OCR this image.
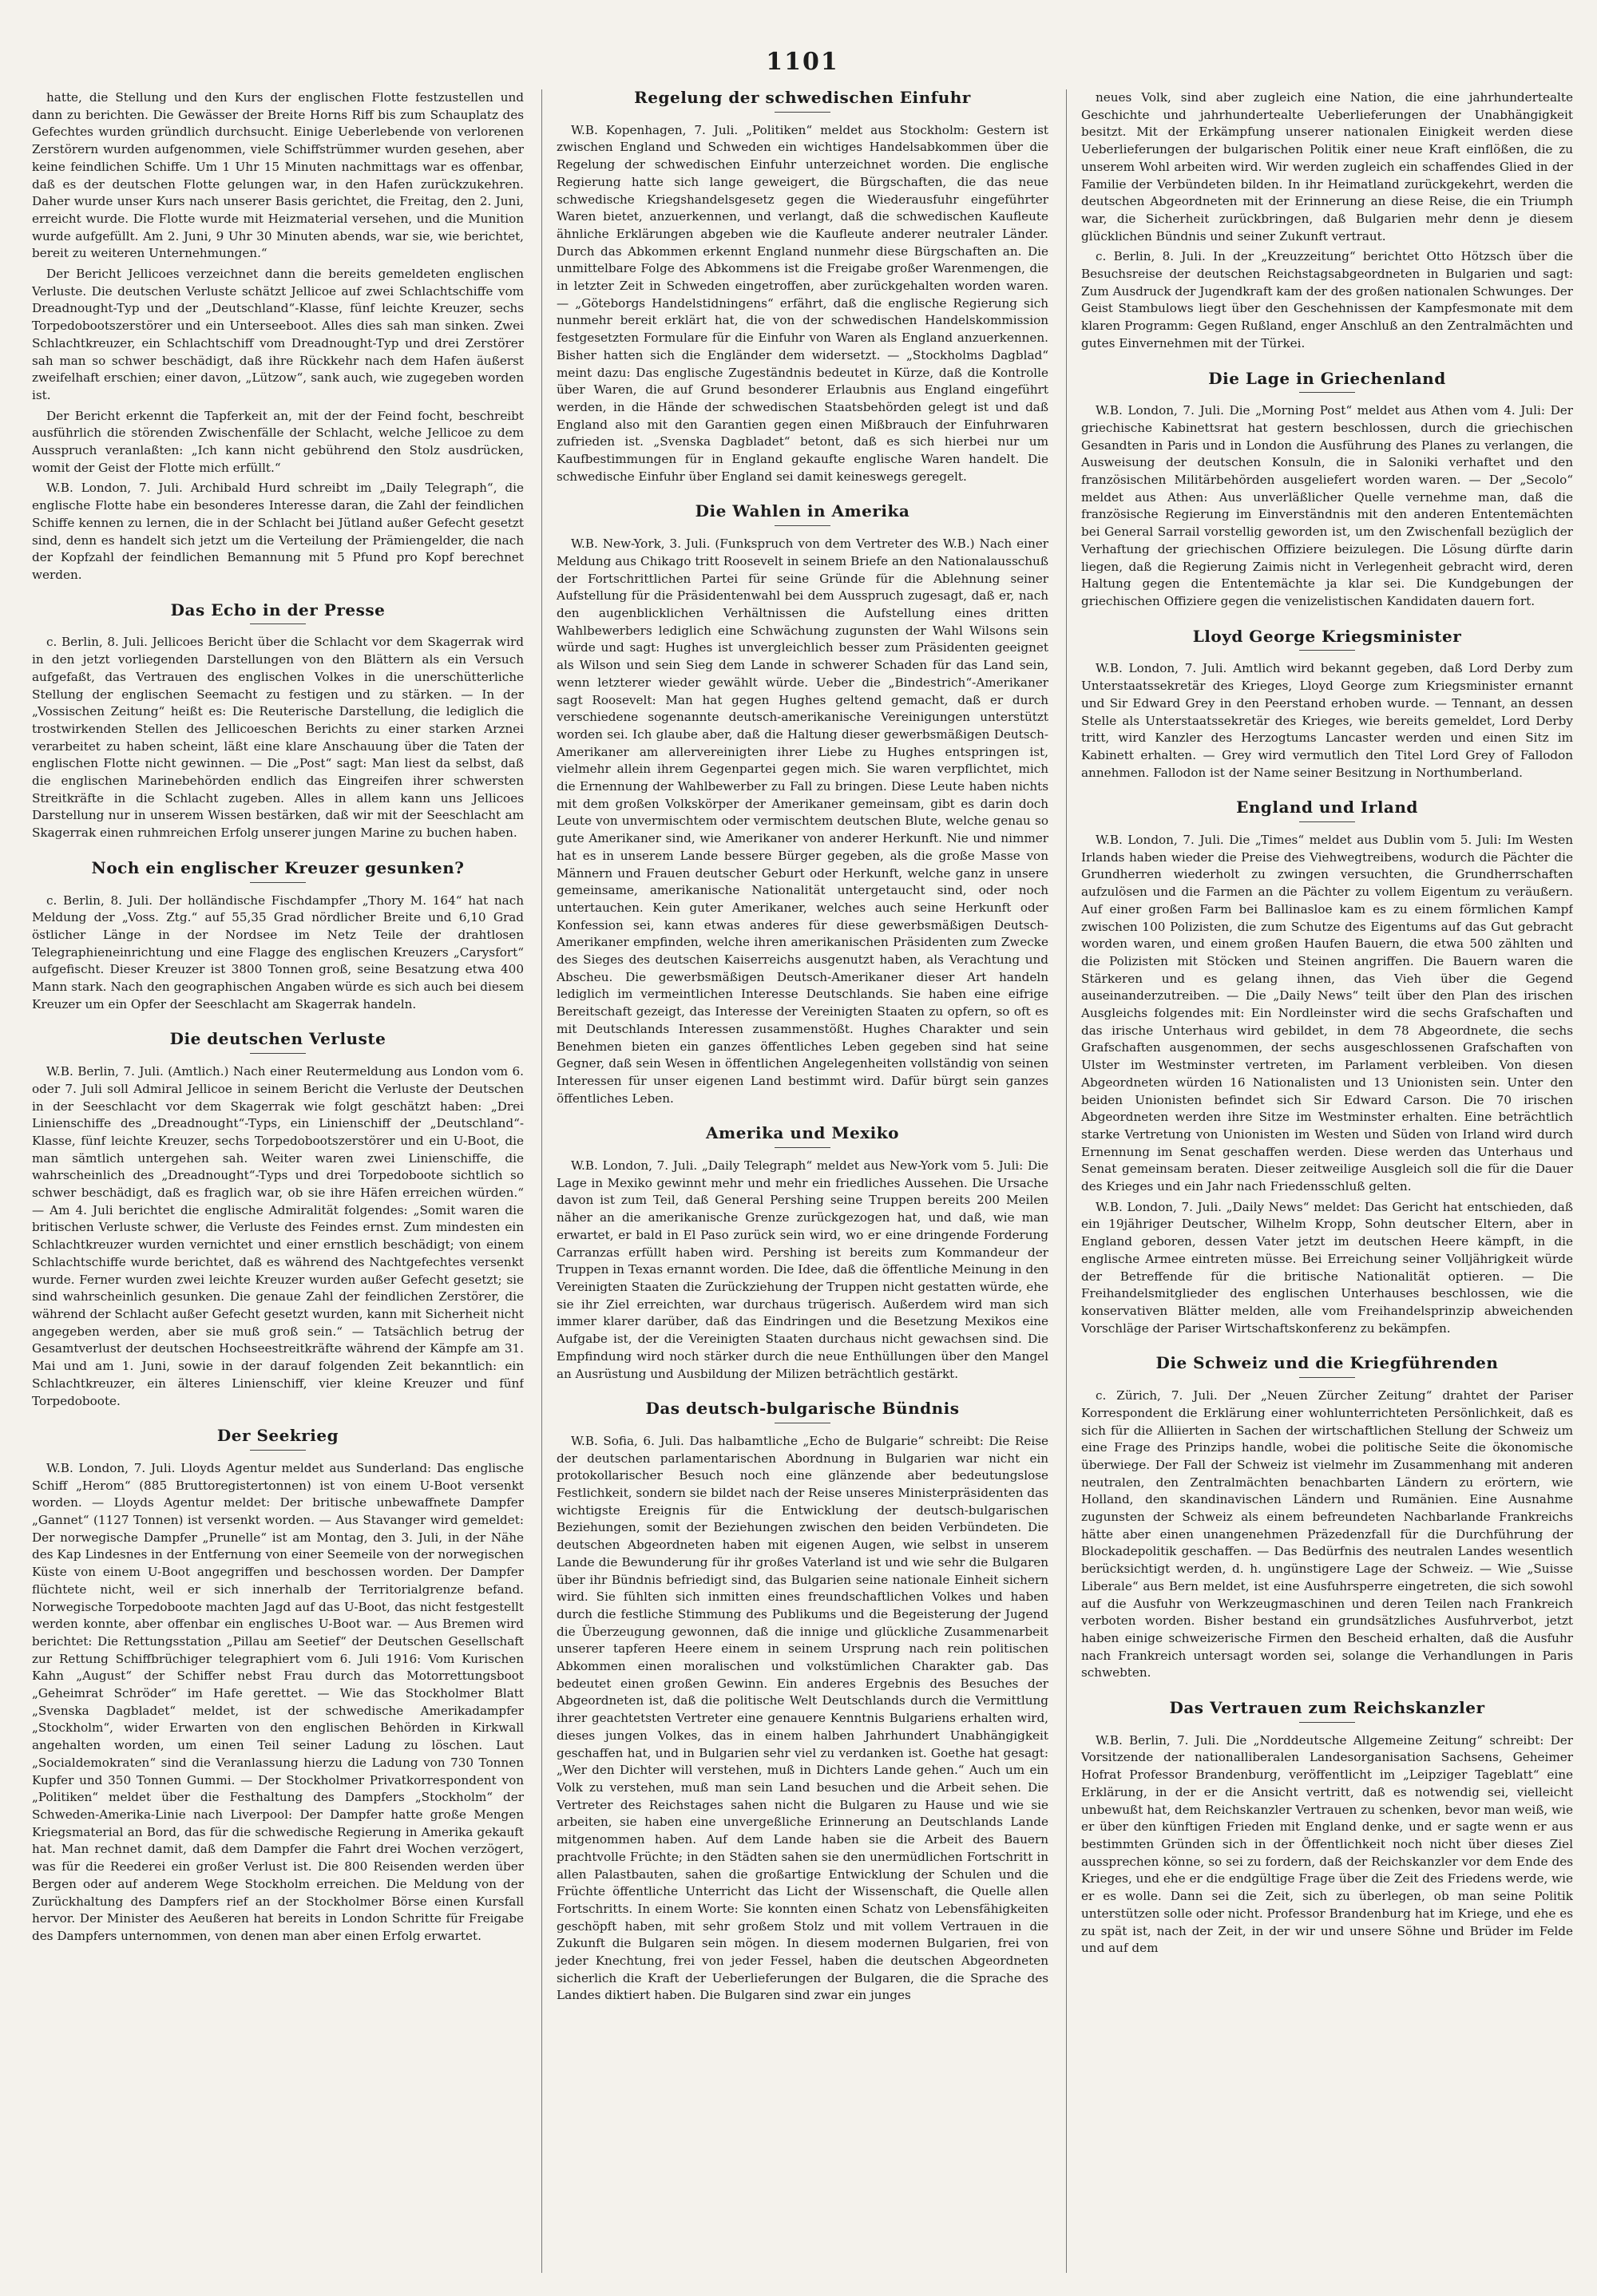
1101

hatte, die Stellung und den Kurs der englischen Flotte festzustellen und dann zu berichten. Die Gewässer der Breite Horns Riff bis zum Schauplatz des Gefechtes wurden gründlich durchsucht. Einige Ueberlebende von verlorenen Zerstörern wurden aufgenommen, viele Schiffstrümmer wurden gesehen, aber keine feindlichen Schiffe. Um 1 Uhr 15 Minuten nachmittags war es offenbar, daß es der deutschen Flotte gelungen war, in den Hafen zurückzukehren. Daher wurde unser Kurs nach unserer Basis gerichtet, die Freitag, den 2. Juni, erreicht wurde. Die Flotte wurde mit Heizmaterial versehen, und die Munition wurde aufgefüllt. Am 2. Juni, 9 Uhr 30 Minuten abends, war sie, wie berichtet, bereit zu weiteren Unternehmungen.“

Der Bericht Jellicoes verzeichnet dann die bereits gemeldeten englischen Verluste. Die deutschen Verluste schätzt Jellicoe auf zwei Schlachtschiffe vom Dreadnought-Typ und der „Deutschland“-Klasse, fünf leichte Kreuzer, sechs Torpedobootszerstörer und ein Unterseeboot. Alles dies sah man sinken. Zwei Schlachtkreuzer, ein Schlachtschiff vom Dreadnought-Typ und drei Zerstörer sah man so schwer beschädigt, daß ihre Rückkehr nach dem Hafen äußerst zweifelhaft erschien; einer davon, „Lützow“, sank auch, wie zugegeben worden ist.

Der Bericht erkennt die Tapferkeit an, mit der der Feind focht, beschreibt ausführlich die störenden Zwischenfälle der Schlacht, welche Jellicoe zu dem Ausspruch veranlaßten: „Ich kann nicht gebührend den Stolz ausdrücken, womit der Geist der Flotte mich erfüllt.“

W.B. London, 7. Juli. Archibald Hurd schreibt im „Daily Telegraph“, die englische Flotte habe ein besonderes Interesse daran, die Zahl der feindlichen Schiffe kennen zu lernen, die in der Schlacht bei Jütland außer Gefecht gesetzt sind, denn es handelt sich jetzt um die Verteilung der Prämiengelder, die nach der Kopfzahl der feindlichen Bemannung mit 5 Pfund pro Kopf berechnet werden.

Das Echo in der Presse

c. Berlin, 8. Juli. Jellicoes Bericht über die Schlacht vor dem Skagerrak wird in den jetzt vorliegenden Darstellungen von den Blättern als ein Versuch aufgefaßt, das Vertrauen des englischen Volkes in die unerschütterliche Stellung der englischen Seemacht zu festigen und zu stärken. — In der „Vossischen Zeitung“ heißt es: Die Reuterische Darstellung, die lediglich die trostwirkenden Stellen des Jellicoeschen Berichts zu einer starken Arznei verarbeitet zu haben scheint, läßt eine klare Anschauung über die Taten der englischen Flotte nicht gewinnen. — Die „Post“ sagt: Man liest da selbst, daß die englischen Marinebehörden endlich das Eingreifen ihrer schwersten Streitkräfte in die Schlacht zugeben. Alles in allem kann uns Jellicoes Darstellung nur in unserem Wissen bestärken, daß wir mit der Seeschlacht am Skagerrak einen ruhmreichen Erfolg unserer jungen Marine zu buchen haben.

Noch ein englischer Kreuzer gesunken?

c. Berlin, 8. Juli. Der holländische Fischdampfer „Thory M. 164“ hat nach Meldung der „Voss. Ztg.“ auf 55,35 Grad nördlicher Breite und 6,10 Grad östlicher Länge in der Nordsee im Netz Teile der drahtlosen Telegraphieneinrichtung und eine Flagge des englischen Kreuzers „Carysfort“ aufgefischt. Dieser Kreuzer ist 3800 Tonnen groß, seine Besatzung etwa 400 Mann stark. Nach den geographischen Angaben würde es sich auch bei diesem Kreuzer um ein Opfer der Seeschlacht am Skagerrak handeln.

Die deutschen Verluste

W.B. Berlin, 7. Juli. (Amtlich.) Nach einer Reutermeldung aus London vom 6. oder 7. Juli soll Admiral Jellicoe in seinem Bericht die Verluste der Deutschen in der Seeschlacht vor dem Skagerrak wie folgt geschätzt haben: „Drei Linienschiffe des „Dreadnought“-Typs, ein Linienschiff der „Deutschland“-Klasse, fünf leichte Kreuzer, sechs Torpedobootszerstörer und ein U-Boot, die man sämtlich untergehen sah. Weiter waren zwei Linienschiffe, die wahrscheinlich des „Dreadnought“-Typs und drei Torpedoboote sichtlich so schwer beschädigt, daß es fraglich war, ob sie ihre Häfen erreichen würden.“ — Am 4. Juli berichtet die englische Admiralität folgendes: „Somit waren die britischen Verluste schwer, die Verluste des Feindes ernst. Zum mindesten ein Schlachtkreuzer wurden vernichtet und einer ernstlich beschädigt; von einem Schlachtschiffe wurde berichtet, daß es während des Nachtgefechtes versenkt wurde. Ferner wurden zwei leichte Kreuzer wurden außer Gefecht gesetzt; sie sind wahrscheinlich gesunken. Die genaue Zahl der feindlichen Zerstörer, die während der Schlacht außer Gefecht gesetzt wurden, kann mit Sicherheit nicht angegeben werden, aber sie muß groß sein.“ — Tatsächlich betrug der Gesamtverlust der deutschen Hochseestreitkräfte während der Kämpfe am 31. Mai und am 1. Juni, sowie in der darauf folgenden Zeit bekanntlich: ein Schlachtkreuzer, ein älteres Linienschiff, vier kleine Kreuzer und fünf Torpedoboote.

Der Seekrieg

W.B. London, 7. Juli. Lloyds Agentur meldet aus Sunderland: Das englische Schiff „Herom“ (885 Bruttoregistertonnen) ist von einem U-Boot versenkt worden. — Lloyds Agentur meldet: Der britische unbewaffnete Dampfer „Gannet“ (1127 Tonnen) ist versenkt worden. — Aus Stavanger wird gemeldet: Der norwegische Dampfer „Prunelle“ ist am Montag, den 3. Juli, in der Nähe des Kap Lindesnes in der Entfernung von einer Seemeile von der norwegischen Küste von einem U-Boot angegriffen und beschossen worden. Der Dampfer flüchtete nicht, weil er sich innerhalb der Territorialgrenze befand. Norwegische Torpedoboote machten Jagd auf das U-Boot, das nicht festgestellt werden konnte, aber offenbar ein englisches U-Boot war. — Aus Bremen wird berichtet: Die Rettungsstation „Pillau am Seetief“ der Deutschen Gesellschaft zur Rettung Schiffbrüchiger telegraphiert vom 6. Juli 1916: Vom Kurischen Kahn „August“ der Schiffer nebst Frau durch das Motorrettungsboot „Geheimrat Schröder“ im Hafe gerettet. — Wie das Stockholmer Blatt „Svenska Dagbladet“ meldet, ist der schwedische Amerikadampfer „Stockholm“, wider Erwarten von den englischen Behörden in Kirkwall angehalten worden, um einen Teil seiner Ladung zu löschen. Laut „Socialdemokraten“ sind die Veranlassung hierzu die Ladung von 730 Tonnen Kupfer und 350 Tonnen Gummi. — Der Stockholmer Privatkorrespondent von „Politiken“ meldet über die Festhaltung des Dampfers „Stockholm“ der Schweden-Amerika-Linie nach Liverpool: Der Dampfer hatte große Mengen Kriegsmaterial an Bord, das für die schwedische Regierung in Amerika gekauft hat. Man rechnet damit, daß dem Dampfer die Fahrt drei Wochen verzögert, was für die Reederei ein großer Verlust ist. Die 800 Reisenden werden über Bergen oder auf anderem Wege Stockholm erreichen. Die Meldung von der Zurückhaltung des Dampfers rief an der Stockholmer Börse einen Kursfall hervor. Der Minister des Aeußeren hat bereits in London Schritte für Freigabe des Dampfers unternommen, von denen man aber einen Erfolg erwartet.

Regelung der schwedischen Einfuhr

W.B. Kopenhagen, 7. Juli. „Politiken“ meldet aus Stockholm: Gestern ist zwischen England und Schweden ein wichtiges Handelsabkommen über die Regelung der schwedischen Einfuhr unterzeichnet worden. Die englische Regierung hatte sich lange geweigert, die Bürgschaften, die das neue schwedische Kriegshandelsgesetz gegen die Wiederausfuhr eingeführter Waren bietet, anzuerkennen, und verlangt, daß die schwedischen Kaufleute ähnliche Erklärungen abgeben wie die Kaufleute anderer neutraler Länder. Durch das Abkommen erkennt England nunmehr diese Bürgschaften an. Die unmittelbare Folge des Abkommens ist die Freigabe großer Warenmengen, die in letzter Zeit in Schweden eingetroffen, aber zurückgehalten worden waren. — „Göteborgs Handelstidningens“ erfährt, daß die englische Regierung sich nunmehr bereit erklärt hat, die von der schwedischen Handelskommission festgesetzten Formulare für die Einfuhr von Waren als England anzuerkennen. Bisher hatten sich die Engländer dem widersetzt. — „Stockholms Dagblad“ meint dazu: Das englische Zugeständnis bedeutet in Kürze, daß die Kontrolle über Waren, die auf Grund besonderer Erlaubnis aus England eingeführt werden, in die Hände der schwedischen Staatsbehörden gelegt ist und daß England also mit den Garantien gegen einen Mißbrauch der Einfuhrwaren zufrieden ist. „Svenska Dagbladet“ betont, daß es sich hierbei nur um Kaufbestimmungen für in England gekaufte englische Waren handelt. Die schwedische Einfuhr über England sei damit keineswegs geregelt.

Die Wahlen in Amerika

W.B. New-York, 3. Juli. (Funkspruch von dem Vertreter des W.B.) Nach einer Meldung aus Chikago tritt Roosevelt in seinem Briefe an den Nationalausschuß der Fortschrittlichen Partei für seine Gründe für die Ablehnung seiner Aufstellung für die Präsidentenwahl bei dem Ausspruch zugesagt, daß er, nach den augenblicklichen Verhältnissen die Aufstellung eines dritten Wahlbewerbers lediglich eine Schwächung zugunsten der Wahl Wilsons sein würde und sagt: Hughes ist unvergleichlich besser zum Präsidenten geeignet als Wilson und sein Sieg dem Lande in schwerer Schaden für das Land sein, wenn letzterer wieder gewählt würde. Ueber die „Bindestrich“-Amerikaner sagt Roosevelt: Man hat gegen Hughes geltend gemacht, daß er durch verschiedene sogenannte deutsch-amerikanische Vereinigungen unterstützt worden sei. Ich glaube aber, daß die Haltung dieser gewerbsmäßigen Deutsch-Amerikaner am allervereinigten ihrer Liebe zu Hughes entspringen ist, vielmehr allein ihrem Gegenpartei gegen mich. Sie waren verpflichtet, mich die Ernennung der Wahlbewerber zu Fall zu bringen. Diese Leute haben nichts mit dem großen Volkskörper der Amerikaner gemeinsam, gibt es darin doch Leute von unvermischtem oder vermischtem deutschen Blute, welche genau so gute Amerikaner sind, wie Amerikaner von anderer Herkunft. Nie und nimmer hat es in unserem Lande bessere Bürger gegeben, als die große Masse von Männern und Frauen deutscher Geburt oder Herkunft, welche ganz in unsere gemeinsame, amerikanische Nationalität untergetaucht sind, oder noch untertauchen. Kein guter Amerikaner, welches auch seine Herkunft oder Konfession sei, kann etwas anderes für diese gewerbsmäßigen Deutsch-Amerikaner empfinden, welche ihren amerikanischen Präsidenten zum Zwecke des Sieges des deutschen Kaiserreichs ausgenutzt haben, als Verachtung und Abscheu. Die gewerbsmäßigen Deutsch-Amerikaner dieser Art handeln lediglich im vermeintlichen Interesse Deutschlands. Sie haben eine eifrige Bereitschaft gezeigt, das Interesse der Vereinigten Staaten zu opfern, so oft es mit Deutschlands Interessen zusammenstößt. Hughes Charakter und sein Benehmen bieten ein ganzes öffentliches Leben gegeben sind hat seine Gegner, daß sein Wesen in öffentlichen Angelegenheiten vollständig von seinen Interessen für unser eigenen Land bestimmt wird. Dafür bürgt sein ganzes öffentliches Leben.

Amerika und Mexiko

W.B. London, 7. Juli. „Daily Telegraph“ meldet aus New-York vom 5. Juli: Die Lage in Mexiko gewinnt mehr und mehr ein friedliches Aussehen. Die Ursache davon ist zum Teil, daß General Pershing seine Truppen bereits 200 Meilen näher an die amerikanische Grenze zurückgezogen hat, und daß, wie man erwartet, er bald in El Paso zurück sein wird, wo er eine dringende Forderung Carranzas erfüllt haben wird. Pershing ist bereits zum Kommandeur der Truppen in Texas ernannt worden. Die Idee, daß die öffentliche Meinung in den Vereinigten Staaten die Zurückziehung der Truppen nicht gestatten würde, ehe sie ihr Ziel erreichten, war durchaus trügerisch. Außerdem wird man sich immer klarer darüber, daß das Eindringen und die Besetzung Mexikos eine Aufgabe ist, der die Vereinigten Staaten durchaus nicht gewachsen sind. Die Empfindung wird noch stärker durch die neue Enthüllungen über den Mangel an Ausrüstung und Ausbildung der Milizen beträchtlich gestärkt.

Das deutsch-bulgarische Bündnis

W.B. Sofia, 6. Juli. Das halbamtliche „Echo de Bulgarie“ schreibt: Die Reise der deutschen parlamentarischen Abordnung in Bulgarien war nicht ein protokollarischer Besuch noch eine glänzende aber bedeutungslose Festlichkeit, sondern sie bildet nach der Reise unseres Ministerpräsidenten das wichtigste Ereignis für die Entwicklung der deutsch-bulgarischen Beziehungen, somit der Beziehungen zwischen den beiden Verbündeten. Die deutschen Abgeordneten haben mit eigenen Augen, wie selbst in unserem Lande die Bewunderung für ihr großes Vaterland ist und wie sehr die Bulgaren über ihr Bündnis befriedigt sind, das Bulgarien seine nationale Einheit sichern wird. Sie fühlten sich inmitten eines freundschaftlichen Volkes und haben durch die festliche Stimmung des Publikums und die Begeisterung der Jugend die Überzeugung gewonnen, daß die innige und glückliche Zusammenarbeit unserer tapferen Heere einem in seinem Ursprung nach rein politischen Abkommen einen moralischen und volkstümlichen Charakter gab. Das bedeutet einen großen Gewinn. Ein anderes Ergebnis des Besuches der Abgeordneten ist, daß die politische Welt Deutschlands durch die Vermittlung ihrer geachtetsten Vertreter eine genauere Kenntnis Bulgariens erhalten wird, dieses jungen Volkes, das in einem halben Jahrhundert Unabhängigkeit geschaffen hat, und in Bulgarien sehr viel zu verdanken ist. Goethe hat gesagt: „Wer den Dichter will verstehen, muß in Dichters Lande gehen.“ Auch um ein Volk zu verstehen, muß man sein Land besuchen und die Arbeit sehen. Die Vertreter des Reichstages sahen nicht die Bulgaren zu Hause und wie sie arbeiten, sie haben eine unvergeßliche Erinnerung an Deutschlands Lande mitgenommen haben. Auf dem Lande haben sie die Arbeit des Bauern prachtvolle Früchte; in den Städten sahen sie den unermüdlichen Fortschritt in allen Palastbauten, sahen die großartige Entwicklung der Schulen und die Früchte öffentliche Unterricht das Licht der Wissenschaft, die Quelle allen Fortschritts. In einem Worte: Sie konnten einen Schatz von Lebensfähigkeiten geschöpft haben, mit sehr großem Stolz und mit vollem Vertrauen in die Zukunft die Bulgaren sein mögen. In diesem modernen Bulgarien, frei von jeder Knechtung, frei von jeder Fessel, haben die deutschen Abgeordneten sicherlich die Kraft der Ueberlieferungen der Bulgaren, die die Sprache des Landes diktiert haben. Die Bulgaren sind zwar ein junges

neues Volk, sind aber zugleich eine Nation, die eine jahrhundertealte Geschichte und jahrhundertealte Ueberlieferungen der Unabhängigkeit besitzt. Mit der Erkämpfung unserer nationalen Einigkeit werden diese Ueberlieferungen der bulgarischen Politik einer neue Kraft einflößen, die zu unserem Wohl arbeiten wird. Wir werden zugleich ein schaffendes Glied in der Familie der Verbündeten bilden. In ihr Heimatland zurückgekehrt, werden die deutschen Abgeordneten mit der Erinnerung an diese Reise, die ein Triumph war, die Sicherheit zurückbringen, daß Bulgarien mehr denn je diesem glücklichen Bündnis und seiner Zukunft vertraut.

c. Berlin, 8. Juli. In der „Kreuzzeitung“ berichtet Otto Hötzsch über die Besuchsreise der deutschen Reichstagsabgeordneten in Bulgarien und sagt: Zum Ausdruck der Jugendkraft kam der des großen nationalen Schwunges. Der Geist Stambulows liegt über den Geschehnissen der Kampfesmonate mit dem klaren Programm: Gegen Rußland, enger Anschluß an den Zentralmächten und gutes Einvernehmen mit der Türkei.

Die Lage in Griechenland

W.B. London, 7. Juli. Die „Morning Post“ meldet aus Athen vom 4. Juli: Der griechische Kabinettsrat hat gestern beschlossen, durch die griechischen Gesandten in Paris und in London die Ausführung des Planes zu verlangen, die Ausweisung der deutschen Konsuln, die in Saloniki verhaftet und den französischen Militärbehörden ausgeliefert worden waren. — Der „Secolo“ meldet aus Athen: Aus unverläßlicher Quelle vernehme man, daß die französische Regierung im Einverständnis mit den anderen Ententemächten bei General Sarrail vorstellig geworden ist, um den Zwischenfall bezüglich der Verhaftung der griechischen Offiziere beizulegen. Die Lösung dürfte darin liegen, daß die Regierung Zaimis nicht in Verlegenheit gebracht wird, deren Haltung gegen die Ententemächte ja klar sei. Die Kundgebungen der griechischen Offiziere gegen die venizelistischen Kandidaten dauern fort.

Lloyd George Kriegsminister

W.B. London, 7. Juli. Amtlich wird bekannt gegeben, daß Lord Derby zum Unterstaatssekretär des Krieges, Lloyd George zum Kriegsminister ernannt und Sir Edward Grey in den Peerstand erhoben wurde. — Tennant, an dessen Stelle als Unterstaatssekretär des Krieges, wie bereits gemeldet, Lord Derby tritt, wird Kanzler des Herzogtums Lancaster werden und einen Sitz im Kabinett erhalten. — Grey wird vermutlich den Titel Lord Grey of Fallodon annehmen. Fallodon ist der Name seiner Besitzung in Northumberland.

England und Irland

W.B. London, 7. Juli. Die „Times“ meldet aus Dublin vom 5. Juli: Im Westen Irlands haben wieder die Preise des Viehwegtreibens, wodurch die Pächter die Grundherren wiederholt zu zwingen versuchten, die Grundherrschaften aufzulösen und die Farmen an die Pächter zu vollem Eigentum zu veräußern. Auf einer großen Farm bei Ballinasloe kam es zu einem förmlichen Kampf zwischen 100 Polizisten, die zum Schutze des Eigentums auf das Gut gebracht worden waren, und einem großen Haufen Bauern, die etwa 500 zählten und die Polizisten mit Stöcken und Steinen angriffen. Die Bauern waren die Stärkeren und es gelang ihnen, das Vieh über die Gegend auseinanderzutreiben. — Die „Daily News“ teilt über den Plan des irischen Ausgleichs folgendes mit: Ein Nordleinster wird die sechs Grafschaften und das irische Unterhaus wird gebildet, in dem 78 Abgeordnete, die sechs Grafschaften ausgenommen, der sechs ausgeschlossenen Grafschaften von Ulster im Westminster vertreten, im Parlament verbleiben. Von diesen Abgeordneten würden 16 Nationalisten und 13 Unionisten sein. Unter den beiden Unionisten befindet sich Sir Edward Carson. Die 70 irischen Abgeordneten werden ihre Sitze im Westminster erhalten. Eine beträchtlich starke Vertretung von Unionisten im Westen und Süden von Irland wird durch Ernennung im Senat geschaffen werden. Diese werden das Unterhaus und Senat gemeinsam beraten. Dieser zeitweilige Ausgleich soll die für die Dauer des Krieges und ein Jahr nach Friedensschluß gelten.

W.B. London, 7. Juli. „Daily News“ meldet: Das Gericht hat entschieden, daß ein 19jähriger Deutscher, Wilhelm Kropp, Sohn deutscher Eltern, aber in England geboren, dessen Vater jetzt im deutschen Heere kämpft, in die englische Armee eintreten müsse. Bei Erreichung seiner Volljährigkeit würde der Betreffende für die britische Nationalität optieren. — Die Freihandelsmitglieder des englischen Unterhauses beschlossen, wie die konservativen Blätter melden, alle vom Freihandelsprinzip abweichenden Vorschläge der Pariser Wirtschaftskonferenz zu bekämpfen.

Die Schweiz und die Kriegführenden

c. Zürich, 7. Juli. Der „Neuen Zürcher Zeitung“ drahtet der Pariser Korrespondent die Erklärung einer wohlunterrichteten Persönlichkeit, daß es sich für die Alliierten in Sachen der wirtschaftlichen Stellung der Schweiz um eine Frage des Prinzips handle, wobei die politische Seite die ökonomische überwiege. Der Fall der Schweiz ist vielmehr im Zusammenhang mit anderen neutralen, den Zentralmächten benachbarten Ländern zu erörtern, wie Holland, den skandinavischen Ländern und Rumänien. Eine Ausnahme zugunsten der Schweiz als einem befreundeten Nachbarlande Frankreichs hätte aber einen unangenehmen Präzedenzfall für die Durchführung der Blockadepolitik geschaffen. — Das Bedürfnis des neutralen Landes wesentlich berücksichtigt werden, d. h. ungünstigere Lage der Schweiz. — Wie „Suisse Liberale“ aus Bern meldet, ist eine Ausfuhrsperre eingetreten, die sich sowohl auf die Ausfuhr von Werkzeugmaschinen und deren Teilen nach Frankreich verboten worden. Bisher bestand ein grundsätzliches Ausfuhrverbot, jetzt haben einige schweizerische Firmen den Bescheid erhalten, daß die Ausfuhr nach Frankreich untersagt worden sei, solange die Verhandlungen in Paris schwebten.

Das Vertrauen zum Reichskanzler

W.B. Berlin, 7. Juli. Die „Norddeutsche Allgemeine Zeitung“ schreibt: Der Vorsitzende der nationalliberalen Landesorganisation Sachsens, Geheimer Hofrat Professor Brandenburg, veröffentlicht im „Leipziger Tageblatt“ eine Erklärung, in der er die Ansicht vertritt, daß es notwendig sei, vielleicht unbewußt hat, dem Reichskanzler Vertrauen zu schenken, bevor man weiß, wie er über den künftigen Frieden mit England denke, und er sagte wenn er aus bestimmten Gründen sich in der Öffentlichkeit noch nicht über dieses Ziel aussprechen könne, so sei zu fordern, daß der Reichskanzler vor dem Ende des Krieges, und ehe er die endgültige Frage über die Zeit des Friedens werde, wie er es wolle. Dann sei die Zeit, sich zu überlegen, ob man seine Politik unterstützen solle oder nicht. Professor Brandenburg hat im Kriege, und ehe es zu spät ist, nach der Zeit, in der wir und unsere Söhne und Brüder im Felde und auf dem
